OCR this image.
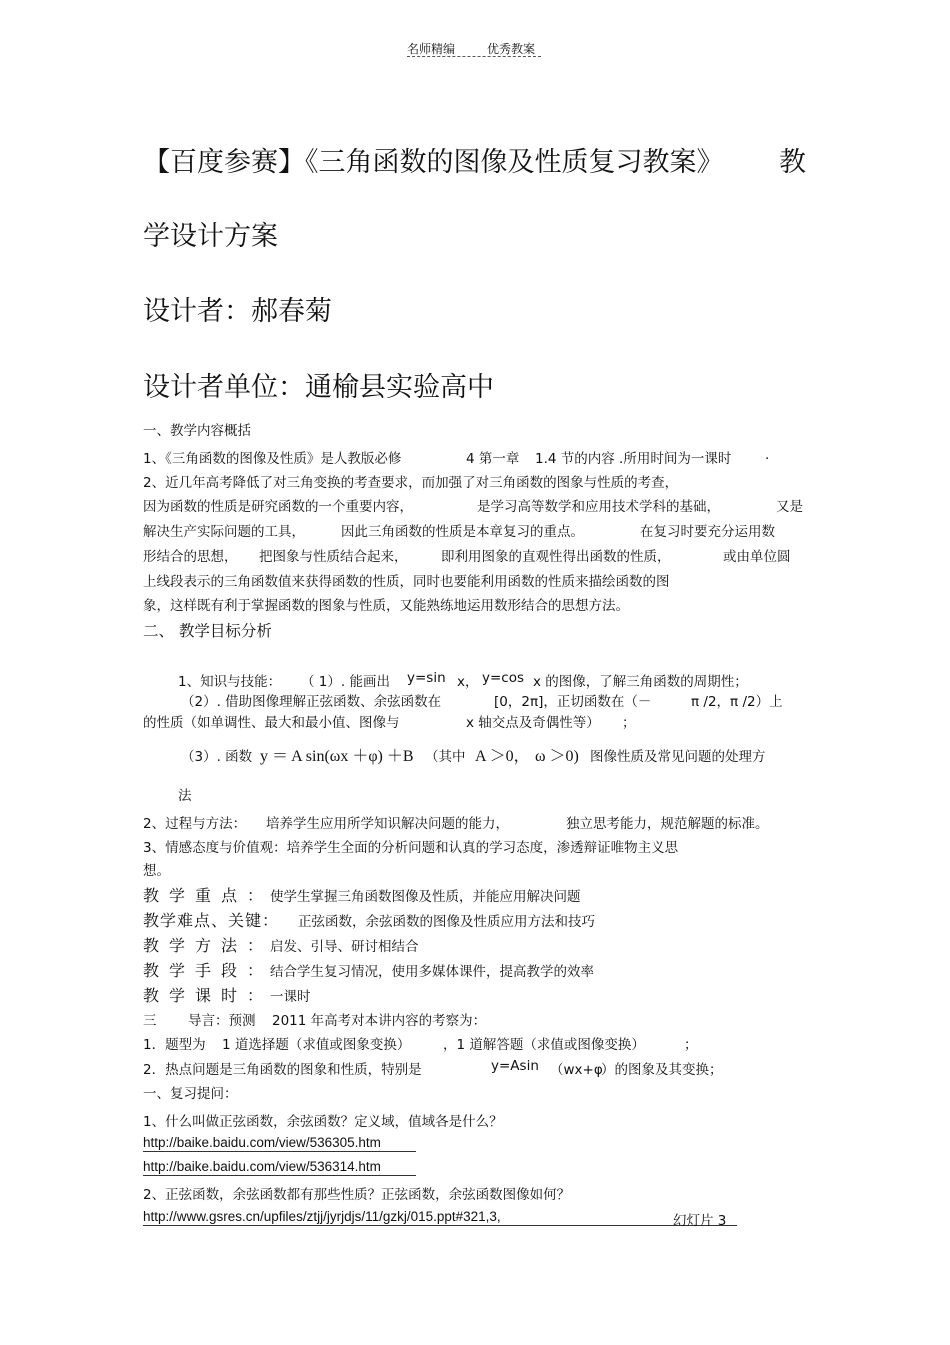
名师精编	优秀教案
【百度参赛】《三角函数的图像及性质复习教案》 教
学设计方案
设计者：郝春菊
设计者单位：通榆县实验高中
一、教学内容概括
1、《三角函数的图像及性质》是人教版必修	4 第一章 1.4 节的内容 .所用时间为一课时 .
2、近几年高考降低了对三角变换的考查要求，而加强了对三角函数的图象与性质的考查，
因为函数的性质是研究函数的一个重要内容，	是学习高等数学和应用技术学科的基础，	又是
解决生产实际问题的工具，	因此三角函数的性质是本章复习的重点。	在复习时要充分运用数
形结合的思想， 把图象与性质结合起来， 即利用图象的直观性得出函数的性质，	或由单位圆
上线段表示的三角函数值来获得函数的性质，同时也要能利用函数的性质来描绘函数的图
象，这样既有利于掌握函数的图象与性质，又能熟练地运用数形结合的思想方法。
二、 教学目标分析
1、知识与技能： （ 1）. 能画出 y=sin x， y=cos x 的图像，了解三角函数的周期性；
（2）. 借助图像理解正弦函数、余弦函数在	[0，2π]，正切函数在（－	π /2，π /2）上
的性质（如单调性、最大和最小值、图像与	x 轴交点及奇偶性等） ；
（3）. 函数 y ＝ A sin(ωx ＋φ) ＋B （其中 A ＞0， ω ＞0) 图像性质及常见问题的处理方
法
2、过程与方法： 培养学生应用所学知识解决问题的能力，	独立思考能力，规范解题的标准。
3、情感态度与价值观：培养学生全面的分析问题和认真的学习态度，渗透辩证唯物主义思
想。
教学重点：
使学生掌握三角函数图像及性质，并能应用解决问题
教学难点、关键： 正弦函数，余弦函数的图像及性质应用方法和技巧
教学方法：
启发、引导、研讨相结合
教学手段：
结合学生复习情况，使用多媒体课件，提高教学的效率
教学课时：
一课时
三 导言：预测 2011 年高考对本讲内容的考察为：
1．题型为 1 道选择题（求值或图象变换） ，1 道解答题（求值或图像变换）	；
2．热点问题是三角函数的图象和性质，特别是	y=Asin （wx+φ
）的图象及其变换；
一、复习提问：
1、什么叫做正弦函数，余弦函数？定义域，值域各是什么？
http://baike.baidu.com/view/536305.htm
http://baike.baidu.com/view/536314.htm
2、正弦函数，余弦函数都有那些性质？正弦函数，余弦函数图像如何？
http://www.gsres.cn/upfiles/ztjj/jyrjdjs/11/gzkj/015.ppt#321,3,	幻灯片 3
